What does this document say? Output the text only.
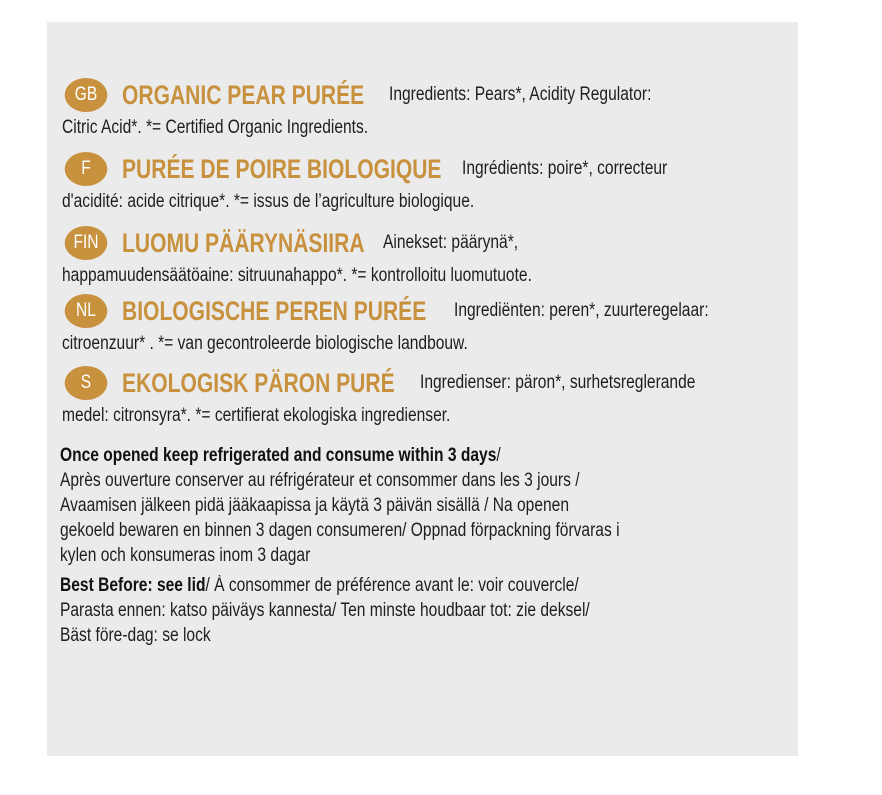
GB ORGANIC PEAR PURÉE Ingredients: Pears*, Acidity Regulator:
Citric Acid*. *= Certified Organic Ingredients.
F	PURÉE DE POIRE BIOLOGIQUE Ingrédients: poire*, correcteur
d'acidité: acide citrique*. *= issus de l’agriculture biologique.
FIN LUOMU PÄÄRYNÄSIIRA Ainekset: päärynä*,
happamuudensäätöaine: sitruunahappo*. *= kontrolloitu luomutuote.
NL BIOLOGISCHE PEREN PURÉE Ingrediënten: peren*, zuurteregelaar:
citroenzuur* . *= van gecontroleerde biologische landbouw.
S	EKOLOGISK PÄRON PURÉ Ingredienser: päron*, surhetsreglerande
medel: citronsyra*. *= certifierat ekologiska ingredienser.
Once opened keep refrigerated and consume within 3 days/
Après ouverture conserver au réfrigérateur et consommer dans les 3 jours /
Avaamisen jälkeen pidä jääkaapissa ja käytä 3 päivän sisällä / Na openen
gekoeld bewaren en binnen 3 dagen consumeren/ Oppnad förpackning förvaras i
kylen och konsumeras inom 3 dagar
Best Before: see lid/ À consommer de préférence avant le: voir couvercle/
Parasta ennen: katso päiväys kannesta/ Ten minste houdbaar tot: zie deksel/
Bäst före-dag: se lock
